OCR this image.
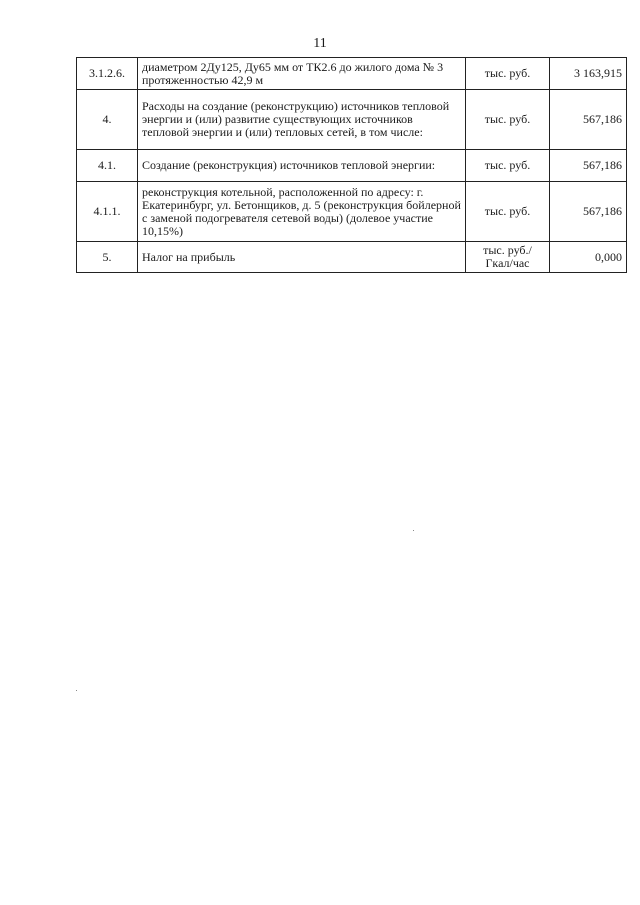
11
3.1.2.6.	диаметром 2Ду125, Ду65 мм от ТК2.6 до жилого дома № 3 протяженностью 42,9 м	тыс. руб.	3 163,915
4.	Расходы на создание (реконструкцию) источников тепловой энергии и (или) развитие существующих источников тепловой энергии и (или) тепловых сетей, в том числе:	тыс. руб.	567,186
4.1.	Создание (реконструкция) источников тепловой энергии:	тыс. руб.	567,186
4.1.1.	реконструкция котельной, расположенной по адресу: г. Екатеринбург, ул. Бетонщиков, д. 5 (реконструкция бойлерной с заменой подогревателя сетевой воды) (долевое участие 10,15%)	тыс. руб.	567,186
5.	Налог на прибыль	тыс. руб./ Гкал/час	0,000
